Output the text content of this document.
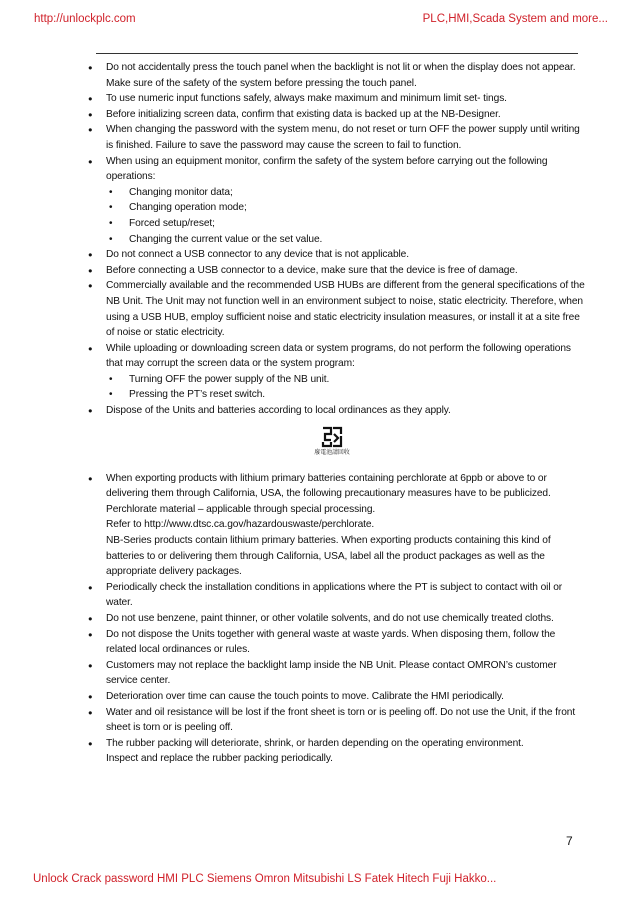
http://unlockplc.com	PLC,HMI,Scada System and more...
● Do not accidentally press the touch panel when the backlight is not lit or when the display does not appear. Make sure of the safety of the system before pressing the touch panel.
● To use numeric input functions safely, always make maximum and minimum limit set- tings.
● Before initializing screen data, confirm that existing data is backed up at the NB-Designer.
● When changing the password with the system menu, do not reset or turn OFF the power supply until writing is finished. Failure to save the password may cause the screen to fail to function.
● When using an equipment monitor, confirm the safety of the system before carrying out the following operations:
• Changing monitor data;
• Changing operation mode;
• Forced setup/reset;
• Changing the current value or the set value.
● Do not connect a USB connector to any device that is not applicable.
● Before connecting a USB connector to a device, make sure that the device is free of damage.
● Commercially available and the recommended USB HUBs are different from the general specifications of the NB Unit. The Unit may not function well in an environment subject to noise, static electricity. Therefore, when using a USB HUB, employ sufficient noise and static electricity insulation measures, or install it at a site free of noise or static electricity.
● While uploading or downloading screen data or system programs, do not perform the following operations that may corrupt the screen data or the system program:
• Turning OFF the power supply of the NB unit.
• Pressing the PT’s reset switch.
● Dispose of the Units and batteries according to local ordinances as they apply.
廢電池請回收
● When exporting products with lithium primary batteries containing perchlorate at 6ppb or above to or delivering them through California, USA, the following precautionary measures have to be publicized.
Perchlorate material – applicable through special processing.
Refer to http://www.dtsc.ca.gov/hazardouswaste/perchlorate.
NB-Series products contain lithium primary batteries. When exporting products containing this kind of batteries to or delivering them through California, USA, label all the product packages as well as the appropriate delivery packages.
● Periodically check the installation conditions in applications where the PT is subject to contact with oil or water.
● Do not use benzene, paint thinner, or other volatile solvents, and do not use chemically treated cloths.
● Do not dispose the Units together with general waste at waste yards. When disposing them, follow the related local ordinances or rules.
● Customers may not replace the backlight lamp inside the NB Unit. Please contact OMRON’s customer service center.
● Deterioration over time can cause the touch points to move. Calibrate the HMI periodically.
● Water and oil resistance will be lost if the front sheet is torn or is peeling off. Do not use the Unit, if the front sheet is torn or is peeling off.
● The rubber packing will deteriorate, shrink, or harden depending on the operating environment.
Inspect and replace the rubber packing periodically.
7
Unlock Crack password HMI PLC Siemens Omron Mitsubishi LS Fatek Hitech Fuji Hakko...
